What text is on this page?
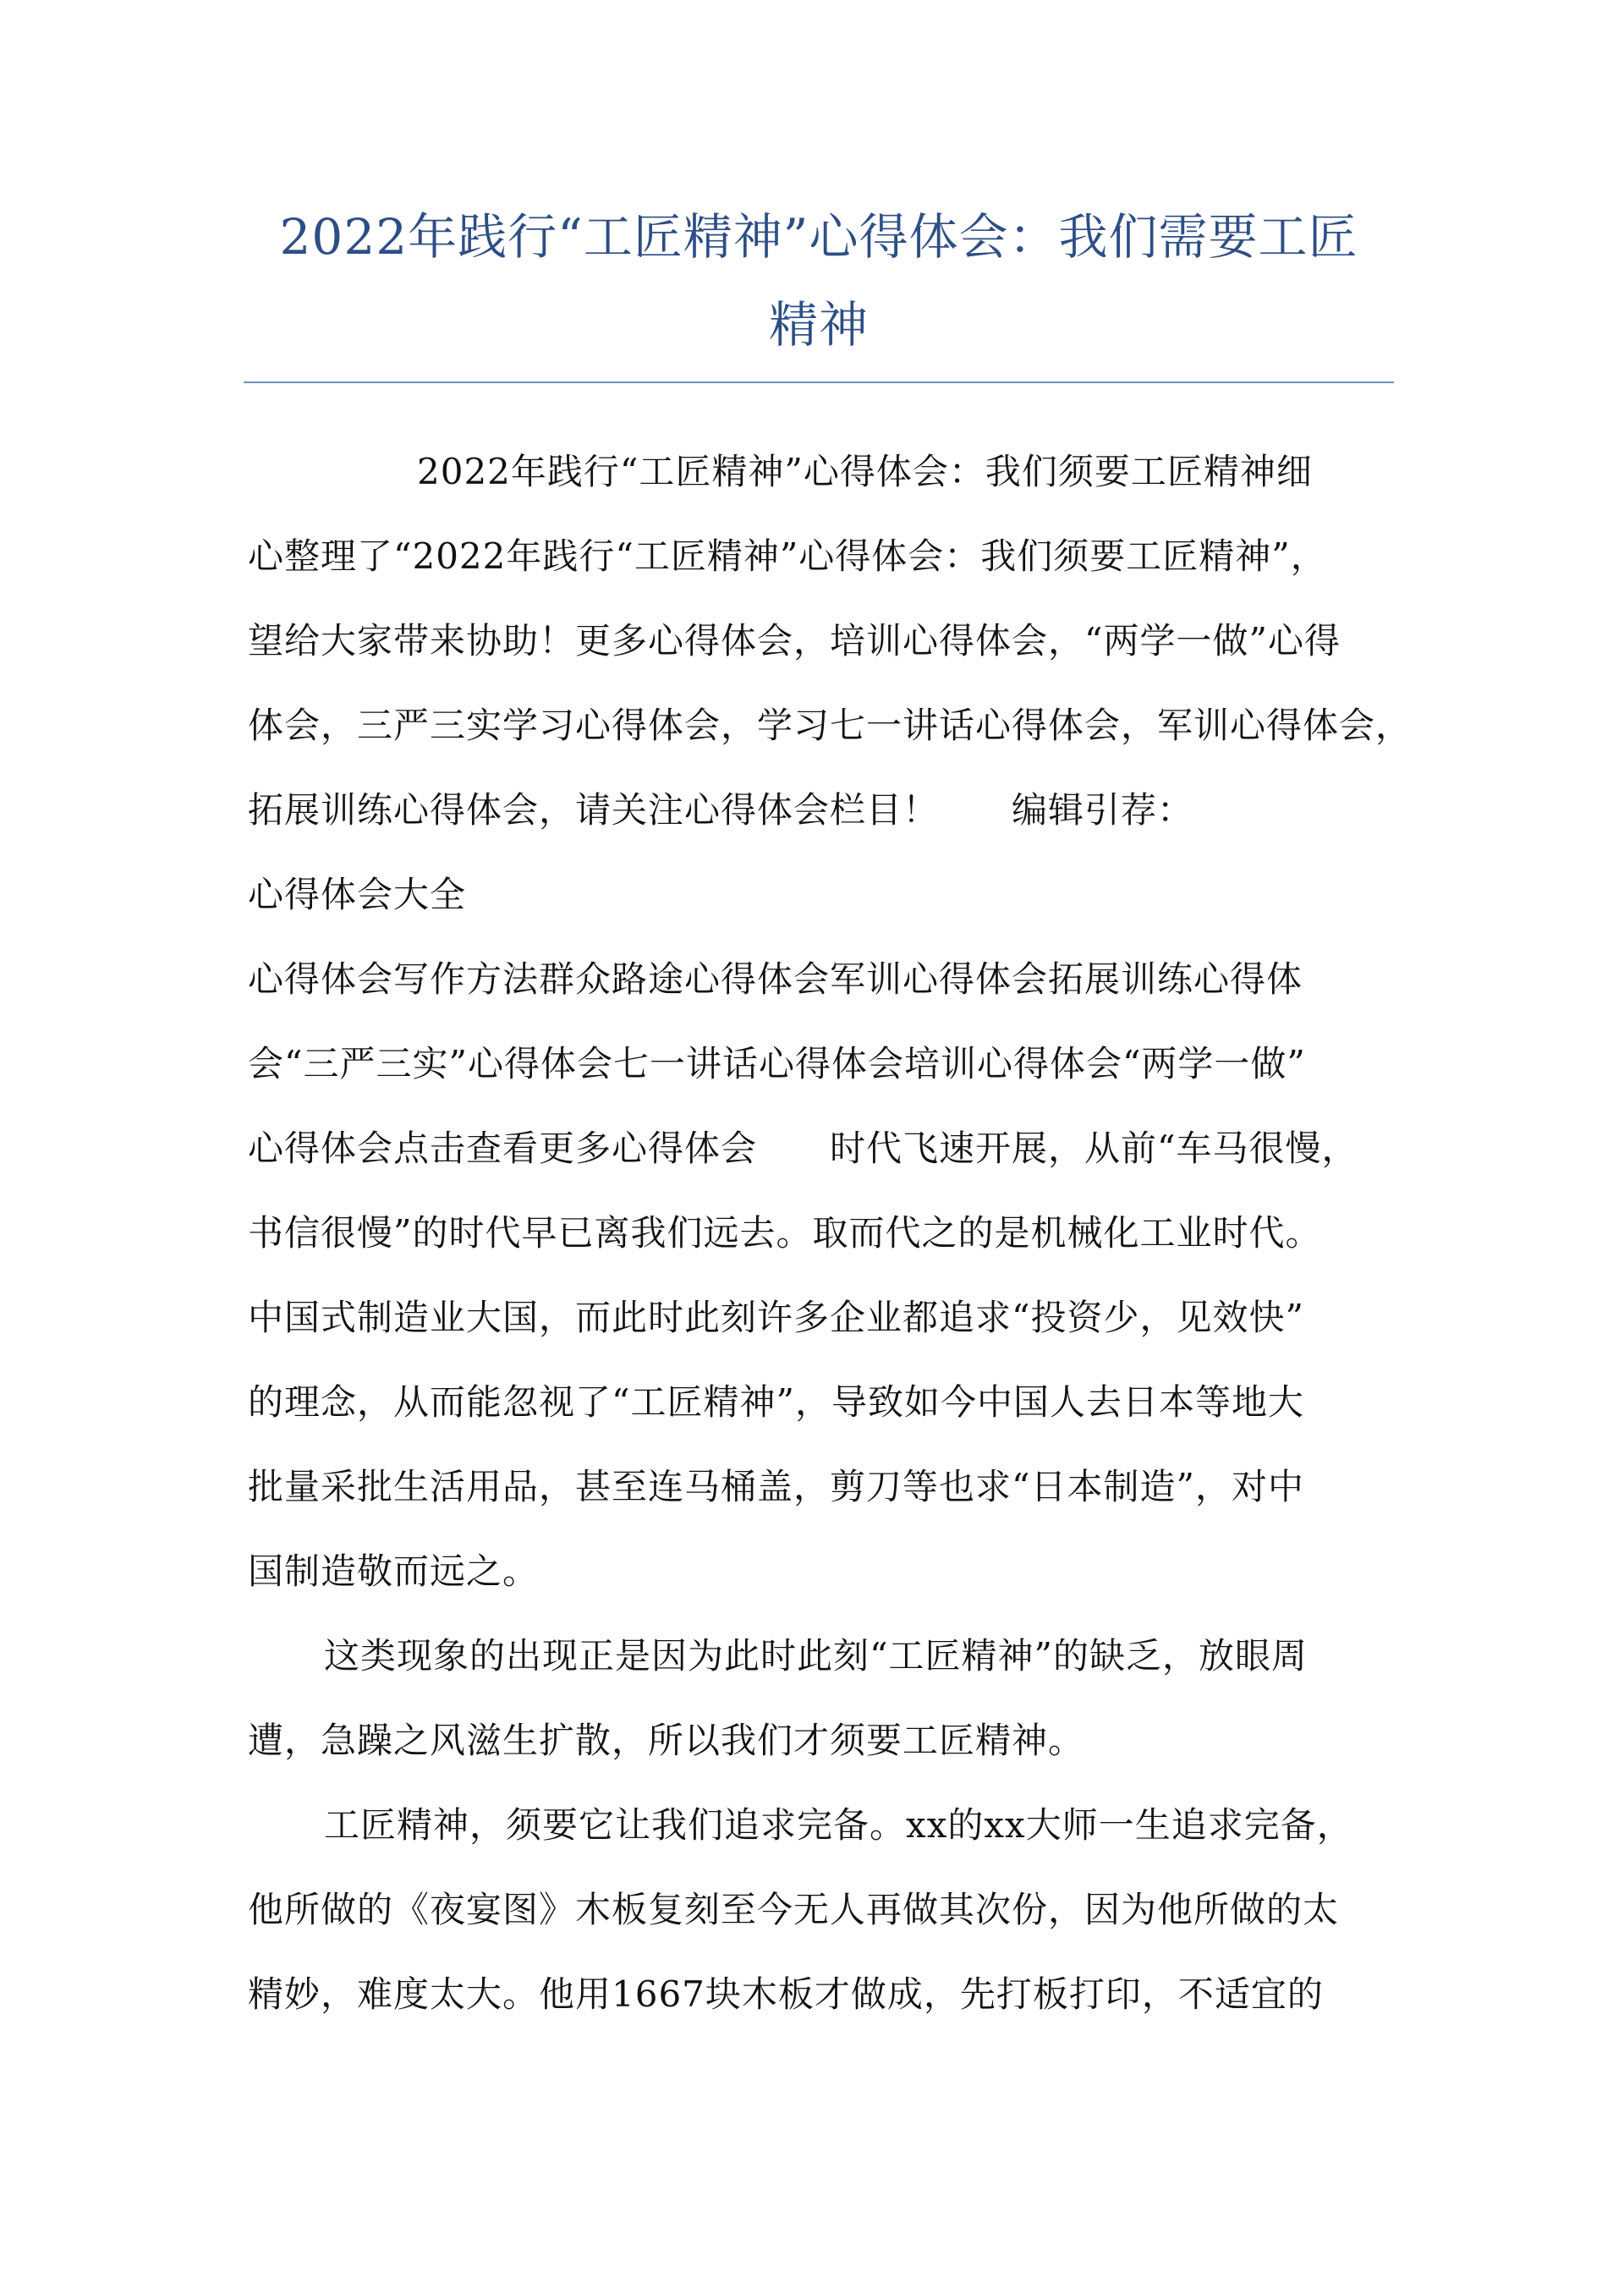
2022年践行“工匠精神”心得体会：我们需要工匠
精神
2022年践行“工匠精神”心得体会：我们须要工匠精神细
心整理了“2022年践行“工匠精神”心得体会：我们须要工匠精神”，
望给大家带来协助！更多心得体会，培训心得体会，“两学一做”心得
体会，三严三实学习心得体会，学习七一讲话心得体会，军训心得体会，
拓展训练心得体会，请关注心得体会栏目！　　编辑引荐：
心得体会大全
心得体会写作方法群众路途心得体会军训心得体会拓展训练心得体
会“三严三实”心得体会七一讲话心得体会培训心得体会“两学一做”
心得体会点击查看更多心得体会　　时代飞速开展，从前“车马很慢，
书信很慢”的时代早已离我们远去。取而代之的是机械化工业时代。
中国式制造业大国，而此时此刻许多企业都追求“投资少，见效快”
的理念，从而能忽视了“工匠精神”，导致如今中国人去日本等地大
批量采批生活用品，甚至连马桶盖，剪刀等也求“日本制造”，对中
国制造敬而远之。
这类现象的出现正是因为此时此刻“工匠精神”的缺乏，放眼周
遭，急躁之风滋生扩散，所以我们才须要工匠精神。
工匠精神，须要它让我们追求完备。xx的xx大师一生追求完备，
他所做的《夜宴图》木板复刻至今无人再做其次份，因为他所做的太
精妙，难度太大。他用1667块木板才做成，先打板打印，不适宜的
